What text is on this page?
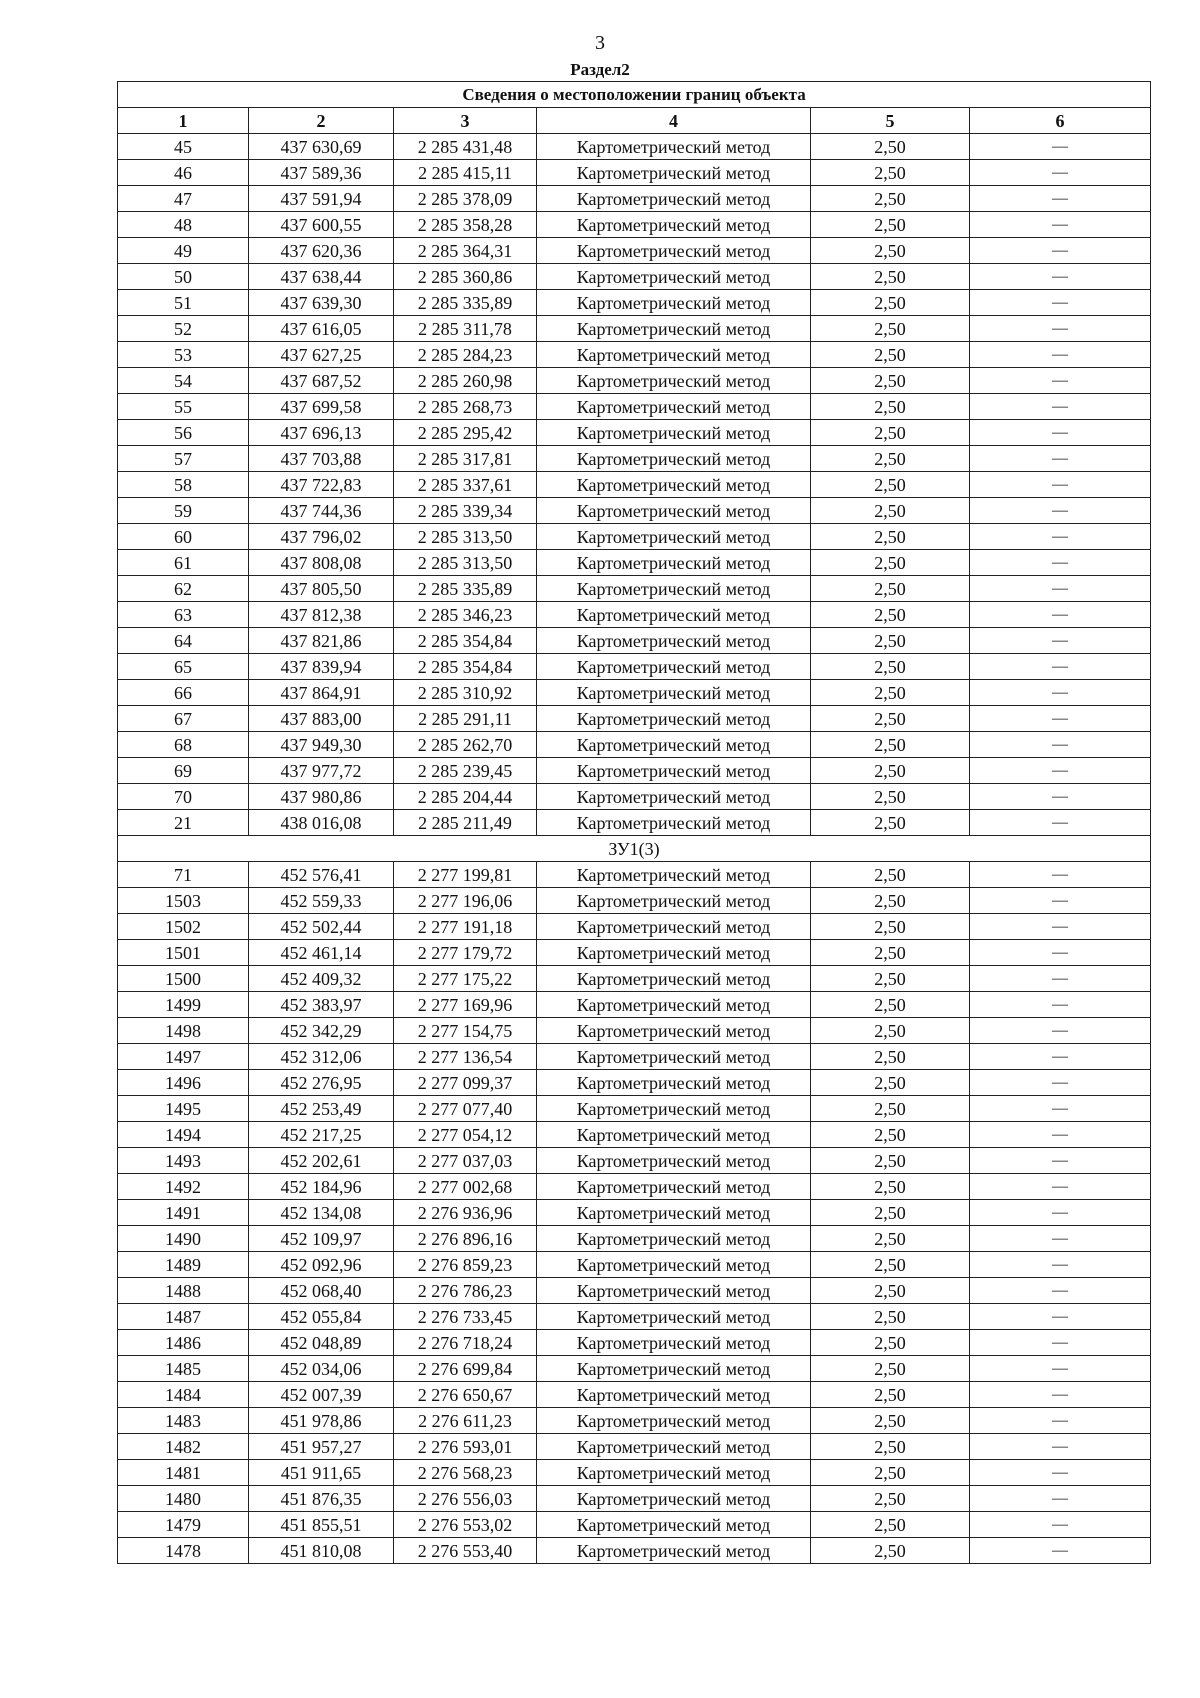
3
Раздел2
Сведения о местоположении границ объекта					
1	2	3	4	5	6
45	437 630,69	2 285 431,48	Картометрический метод	2,50	—
46	437 589,36	2 285 415,11	Картометрический метод	2,50	—
47	437 591,94	2 285 378,09	Картометрический метод	2,50	—
48	437 600,55	2 285 358,28	Картометрический метод	2,50	—
49	437 620,36	2 285 364,31	Картометрический метод	2,50	—
50	437 638,44	2 285 360,86	Картометрический метод	2,50	—
51	437 639,30	2 285 335,89	Картометрический метод	2,50	—
52	437 616,05	2 285 311,78	Картометрический метод	2,50	—
53	437 627,25	2 285 284,23	Картометрический метод	2,50	—
54	437 687,52	2 285 260,98	Картометрический метод	2,50	—
55	437 699,58	2 285 268,73	Картометрический метод	2,50	—
56	437 696,13	2 285 295,42	Картометрический метод	2,50	—
57	437 703,88	2 285 317,81	Картометрический метод	2,50	—
58	437 722,83	2 285 337,61	Картометрический метод	2,50	—
59	437 744,36	2 285 339,34	Картометрический метод	2,50	—
60	437 796,02	2 285 313,50	Картометрический метод	2,50	—
61	437 808,08	2 285 313,50	Картометрический метод	2,50	—
62	437 805,50	2 285 335,89	Картометрический метод	2,50	—
63	437 812,38	2 285 346,23	Картометрический метод	2,50	—
64	437 821,86	2 285 354,84	Картометрический метод	2,50	—
65	437 839,94	2 285 354,84	Картометрический метод	2,50	—
66	437 864,91	2 285 310,92	Картометрический метод	2,50	—
67	437 883,00	2 285 291,11	Картометрический метод	2,50	—
68	437 949,30	2 285 262,70	Картометрический метод	2,50	—
69	437 977,72	2 285 239,45	Картометрический метод	2,50	—
70	437 980,86	2 285 204,44	Картометрический метод	2,50	—
21	438 016,08	2 285 211,49	Картометрический метод	2,50	—
ЗУ1(3)					
71	452 576,41	2 277 199,81	Картометрический метод	2,50	—
1503	452 559,33	2 277 196,06	Картометрический метод	2,50	—
1502	452 502,44	2 277 191,18	Картометрический метод	2,50	—
1501	452 461,14	2 277 179,72	Картометрический метод	2,50	—
1500	452 409,32	2 277 175,22	Картометрический метод	2,50	—
1499	452 383,97	2 277 169,96	Картометрический метод	2,50	—
1498	452 342,29	2 277 154,75	Картометрический метод	2,50	—
1497	452 312,06	2 277 136,54	Картометрический метод	2,50	—
1496	452 276,95	2 277 099,37	Картометрический метод	2,50	—
1495	452 253,49	2 277 077,40	Картометрический метод	2,50	—
1494	452 217,25	2 277 054,12	Картометрический метод	2,50	—
1493	452 202,61	2 277 037,03	Картометрический метод	2,50	—
1492	452 184,96	2 277 002,68	Картометрический метод	2,50	—
1491	452 134,08	2 276 936,96	Картометрический метод	2,50	—
1490	452 109,97	2 276 896,16	Картометрический метод	2,50	—
1489	452 092,96	2 276 859,23	Картометрический метод	2,50	—
1488	452 068,40	2 276 786,23	Картометрический метод	2,50	—
1487	452 055,84	2 276 733,45	Картометрический метод	2,50	—
1486	452 048,89	2 276 718,24	Картометрический метод	2,50	—
1485	452 034,06	2 276 699,84	Картометрический метод	2,50	—
1484	452 007,39	2 276 650,67	Картометрический метод	2,50	—
1483	451 978,86	2 276 611,23	Картометрический метод	2,50	—
1482	451 957,27	2 276 593,01	Картометрический метод	2,50	—
1481	451 911,65	2 276 568,23	Картометрический метод	2,50	—
1480	451 876,35	2 276 556,03	Картометрический метод	2,50	—
1479	451 855,51	2 276 553,02	Картометрический метод	2,50	—
1478	451 810,08	2 276 553,40	Картометрический метод	2,50	—
